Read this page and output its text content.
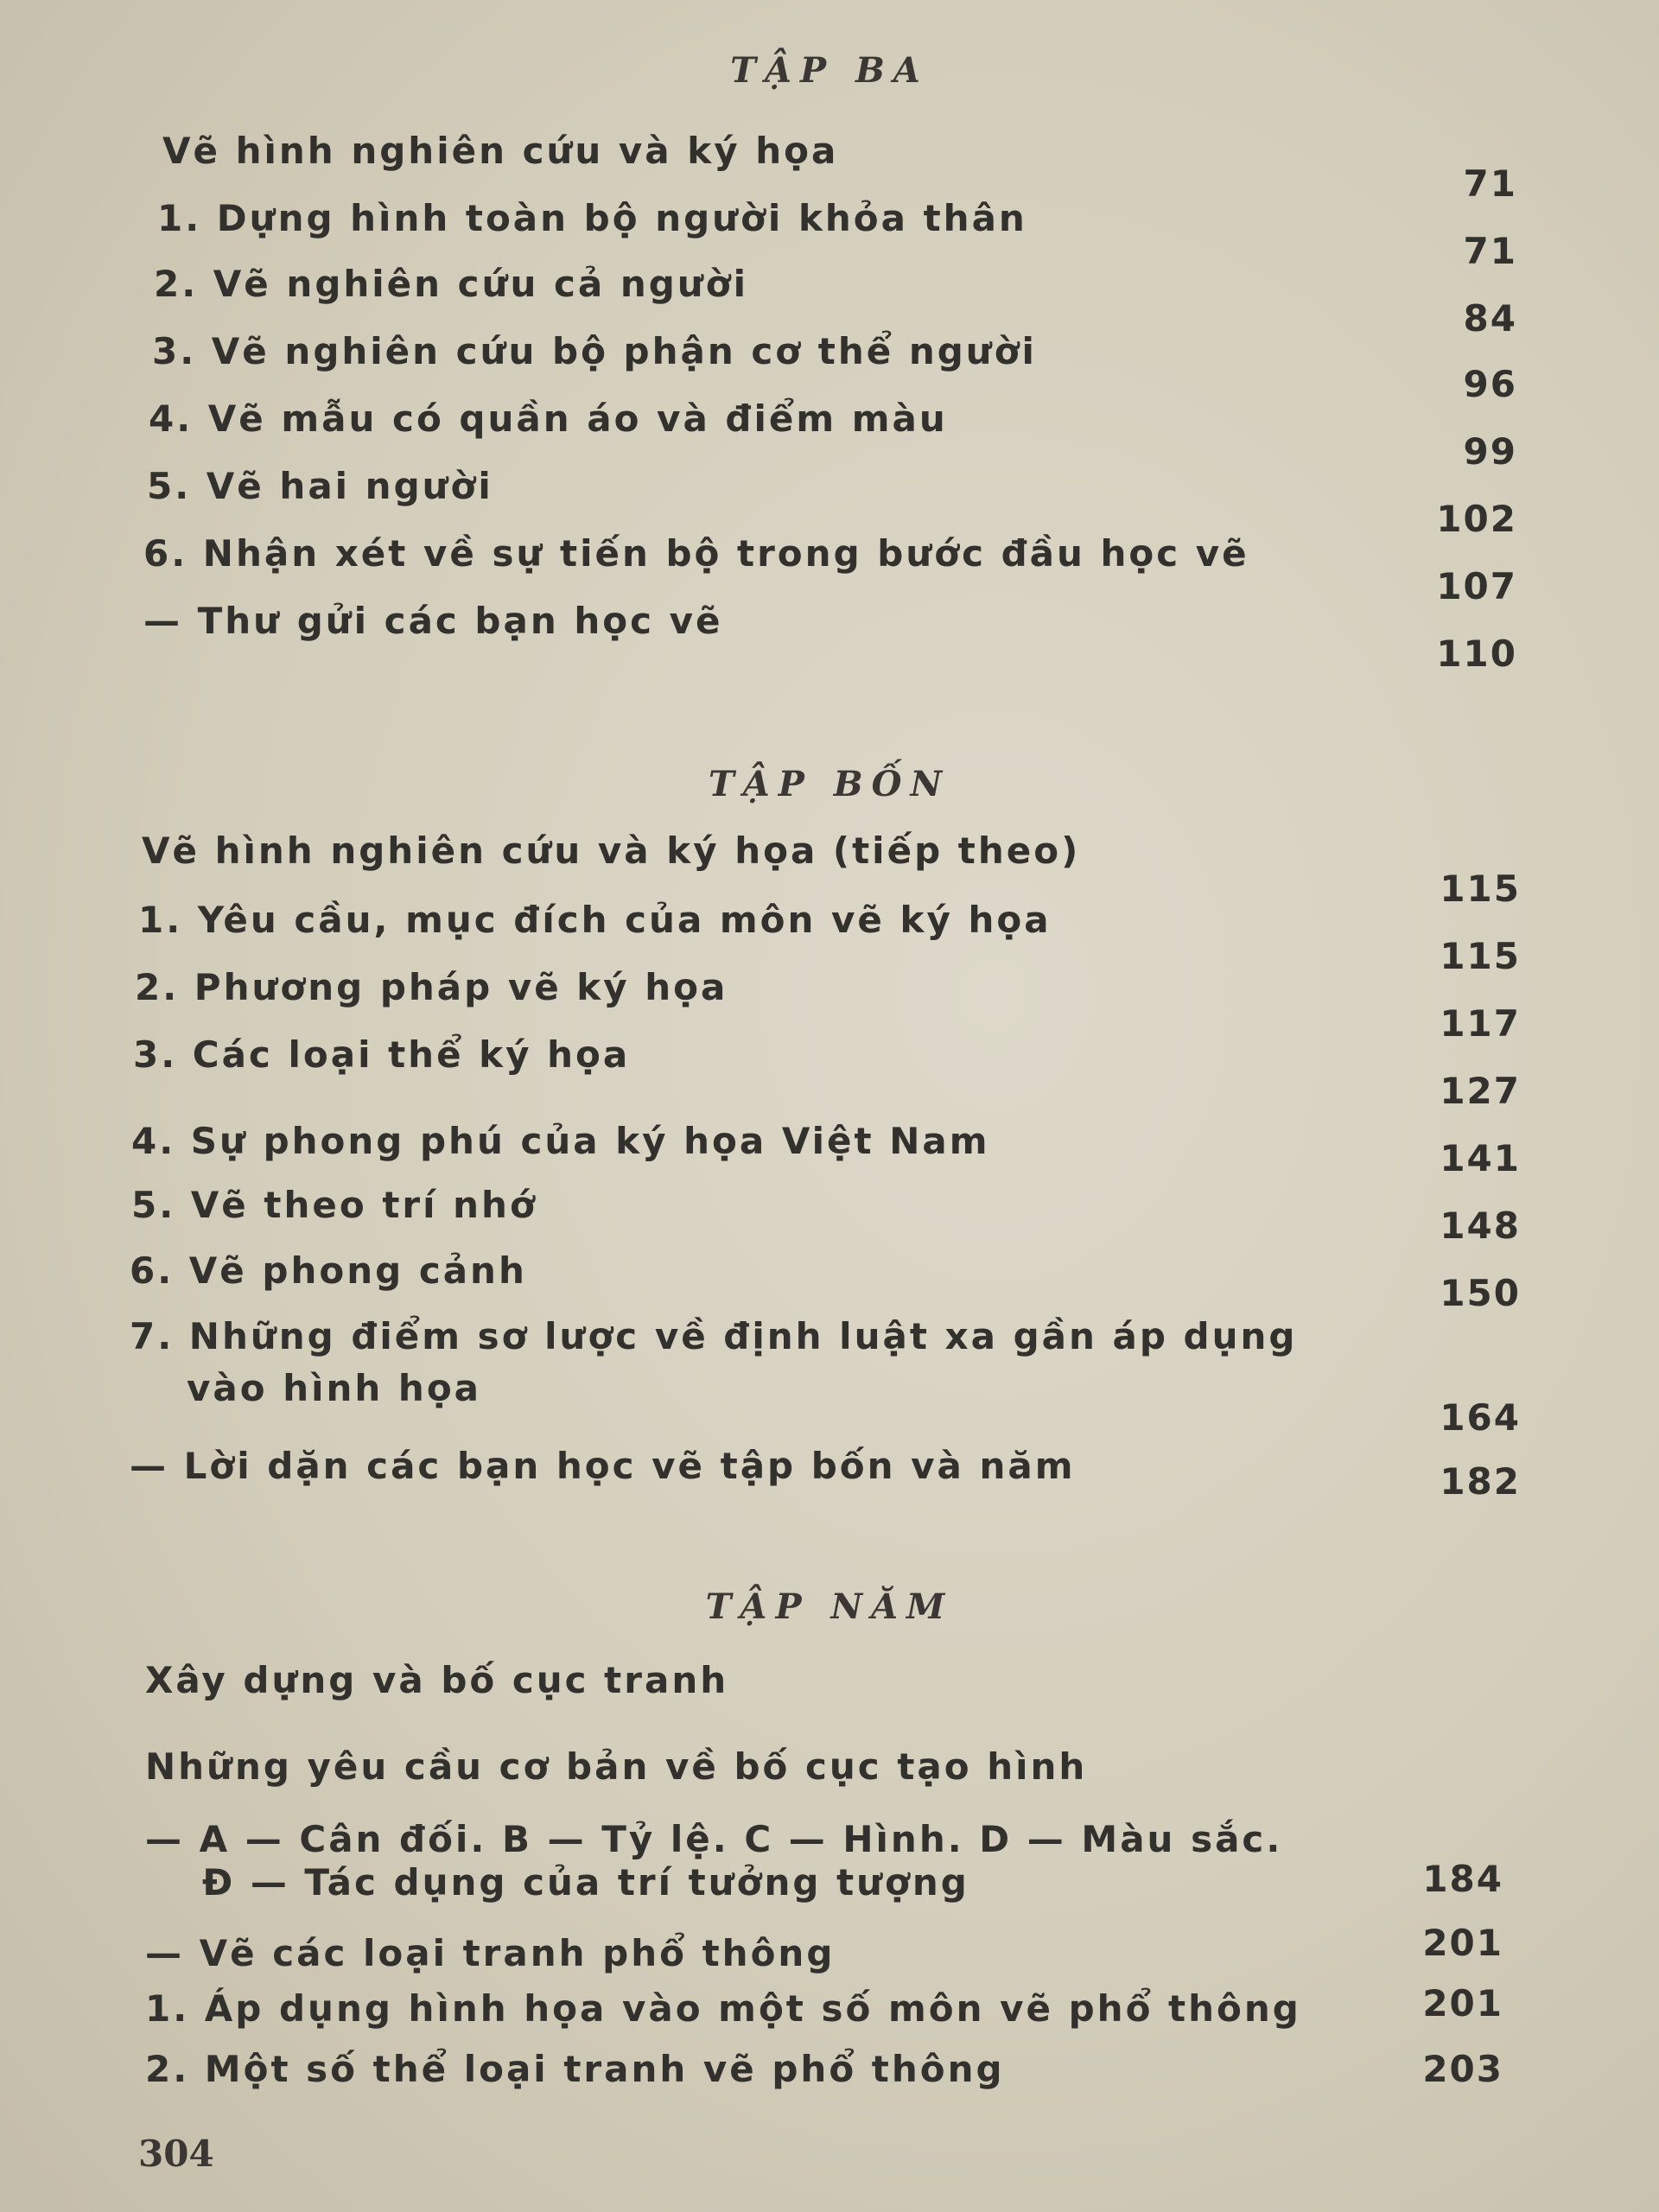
TẬP BA
Vẽ hình nghiên cứu và ký họa
1. Dựng hình toàn bộ người khỏa thân
2. Vẽ nghiên cứu cả người
3. Vẽ nghiên cứu bộ phận cơ thể người
4. Vẽ mẫu có quần áo và điểm màu
5. Vẽ hai người
6. Nhận xét về sự tiến bộ trong bước đầu học vẽ
— Thư gửi các bạn học vẽ
71
71
84
96
99
102
107
110
TẬP BỐN
Vẽ hình nghiên cứu và ký họa (tiếp theo)
1. Yêu cầu, mục đích của môn vẽ ký họa
2. Phương pháp vẽ ký họa
3. Các loại thể ký họa
4. Sự phong phú của ký họa Việt Nam
5. Vẽ theo trí nhớ
6. Vẽ phong cảnh
7. Những điểm sơ lược về định luật xa gần áp dụng
vào hình họa
— Lời dặn các bạn học vẽ tập bốn và năm
115
115
117
127
141
148
150
164
182
TẬP NĂM
Xây dựng và bố cục tranh
Những yêu cầu cơ bản về bố cục tạo hình
— A — Cân đối. B — Tỷ lệ. C — Hình. D — Màu sắc.
Đ — Tác dụng của trí tưởng tượng
— Vẽ các loại tranh phổ thông
1. Áp dụng hình họa vào một số môn vẽ phổ thông
2. Một số thể loại tranh vẽ phổ thông
184
201
201
203
304
